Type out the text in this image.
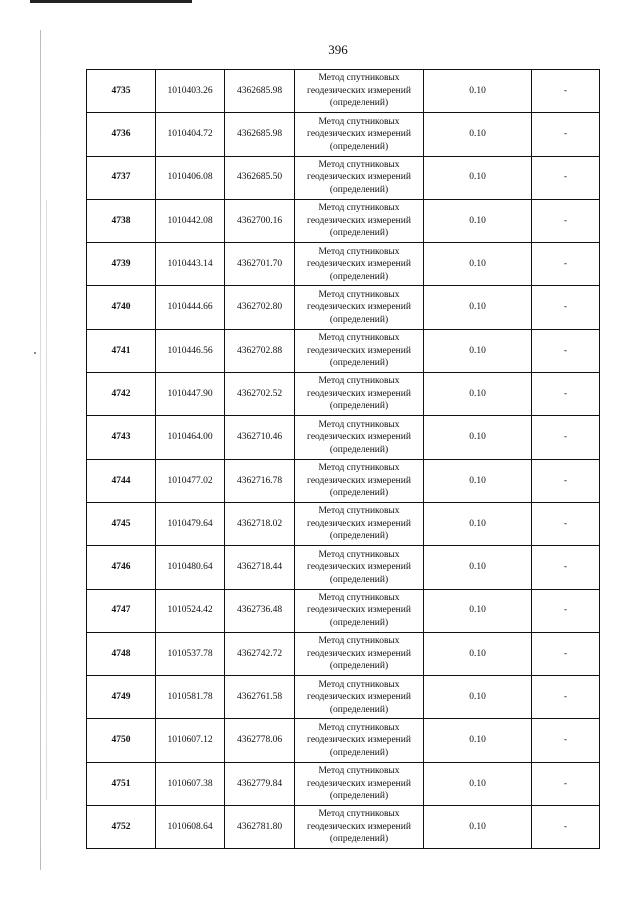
396
4735	1010403.26	4362685.98	Метод спутниковых
геодезических измерений
(определений)	0.10	-
4736	1010404.72	4362685.98	Метод спутниковых
геодезических измерений
(определений)	0.10	-
4737	1010406.08	4362685.50	Метод спутниковых
геодезических измерений
(определений)	0.10	-
4738	1010442.08	4362700.16	Метод спутниковых
геодезических измерений
(определений)	0.10	-
4739	1010443.14	4362701.70	Метод спутниковых
геодезических измерений
(определений)	0.10	-
4740	1010444.66	4362702.80	Метод спутниковых
геодезических измерений
(определений)	0.10	-
4741	1010446.56	4362702.88	Метод спутниковых
геодезических измерений
(определений)	0.10	-
4742	1010447.90	4362702.52	Метод спутниковых
геодезических измерений
(определений)	0.10	-
4743	1010464.00	4362710.46	Метод спутниковых
геодезических измерений
(определений)	0.10	-
4744	1010477.02	4362716.78	Метод спутниковых
геодезических измерений
(определений)	0.10	-
4745	1010479.64	4362718.02	Метод спутниковых
геодезических измерений
(определений)	0.10	-
4746	1010480.64	4362718.44	Метод спутниковых
геодезических измерений
(определений)	0.10	-
4747	1010524.42	4362736.48	Метод спутниковых
геодезических измерений
(определений)	0.10	-
4748	1010537.78	4362742.72	Метод спутниковых
геодезических измерений
(определений)	0.10	-
4749	1010581.78	4362761.58	Метод спутниковых
геодезических измерений
(определений)	0.10	-
4750	1010607.12	4362778.06	Метод спутниковых
геодезических измерений
(определений)	0.10	-
4751	1010607.38	4362779.84	Метод спутниковых
геодезических измерений
(определений)	0.10	-
4752	1010608.64	4362781.80	Метод спутниковых
геодезических измерений
(определений)	0.10	-
